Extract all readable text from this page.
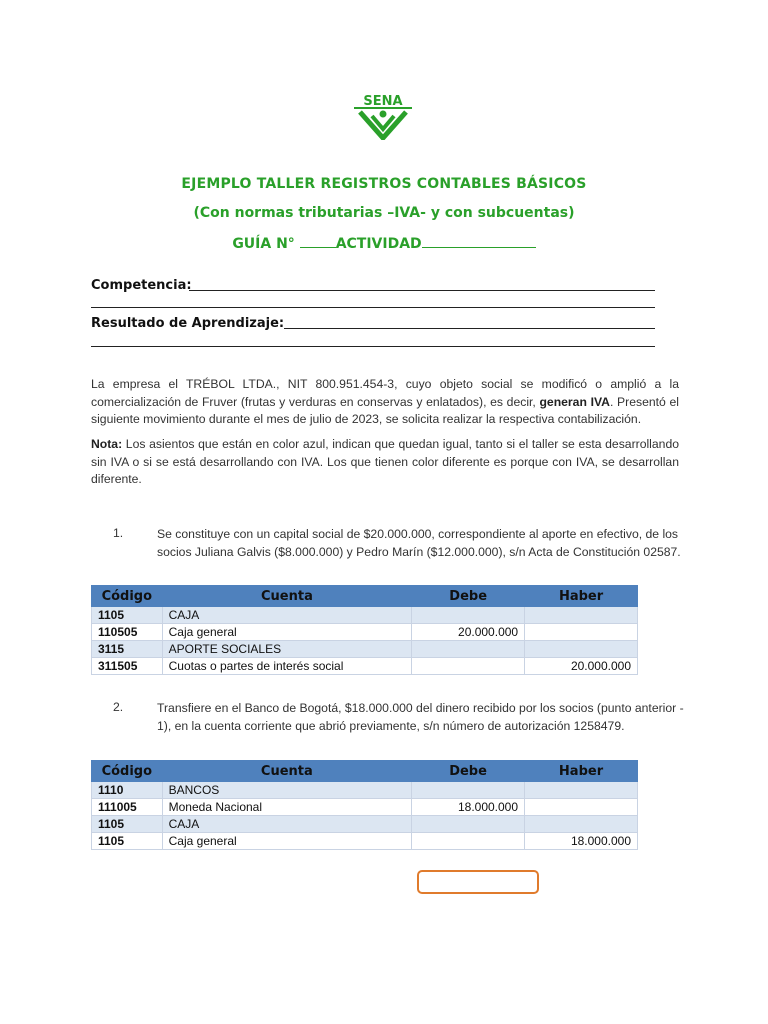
SENA
EJEMPLO TALLER REGISTROS CONTABLES BÁSICOS
(Con normas tributarias –IVA- y con subcuentas)
GUÍA N°	ACTIVIDAD
Competencia:
Resultado de Aprendizaje:
La empresa el TRÉBOL LTDA., NIT 800.951.454-3, cuyo objeto social se modificó o amplió a la comercialización de Fruver (frutas y verduras en conservas y enlatados), es decir, generan IVA. Presentó el siguiente movimiento durante el mes de julio de 2023, se solicita realizar la respectiva contabilización.
Nota: Los asientos que están en color azul, indican que quedan igual, tanto si el taller se esta desarrollando sin IVA o si se está desarrollando con IVA. Los que tienen color diferente es porque con IVA, se desarrollan diferente.
1.	Se constituye con un capital social de $20.000.000, correspondiente al aporte en efectivo, de los socios Juliana Galvis ($8.000.000) y Pedro Marín ($12.000.000), s/n Acta de Constitución 02587.
Código	Cuenta	Debe	Haber
1105	CAJA		
110505	Caja general	20.000.000	
3115	APORTE SOCIALES		
311505	Cuotas o partes de interés social		20.000.000
2.	Transfiere en el Banco de Bogotá, $18.000.000 del dinero recibido por los socios (punto anterior - 1), en la cuenta corriente que abrió previamente, s/n número de autorización 1258479.
Código	Cuenta	Debe	Haber
1110	BANCOS		
111005	Moneda Nacional	18.000.000	
1105	CAJA		
1105	Caja general		18.000.000
